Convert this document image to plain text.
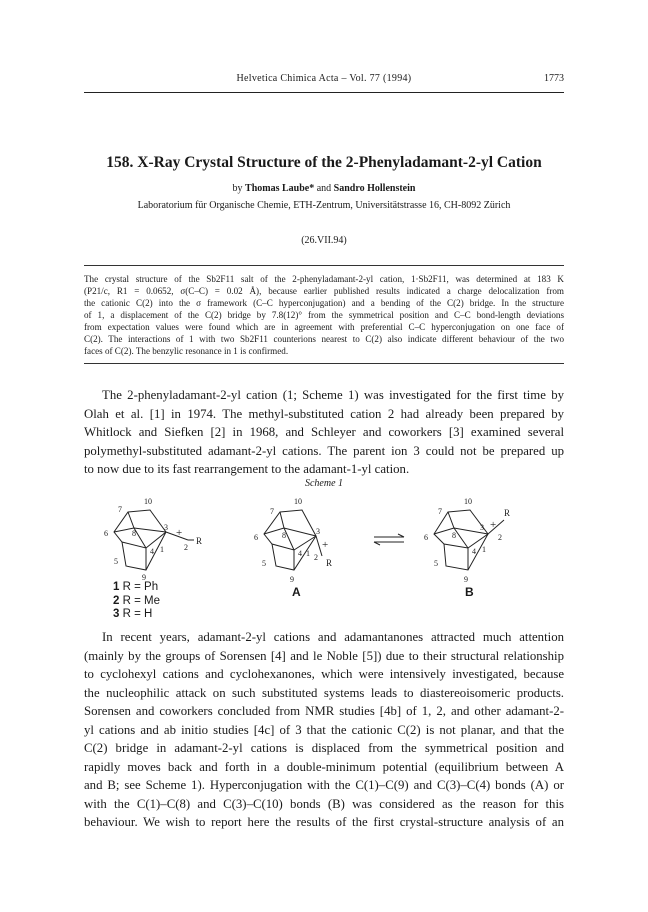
Helvetica Chimica Acta – Vol. 77 (1994)	1773
158. X-Ray Crystal Structure of the 2-Phenyladamant-2-yl Cation
by Thomas Laube* and Sandro Hollenstein
Laboratorium für Organische Chemie, ETH-Zentrum, Universitätstrasse 16, CH-8092 Zürich
(26.VII.94)
The crystal structure of the Sb2F11 salt of the 2-phenyladamant-2-yl cation, 1·Sb2F11, was determined at 183 K
(P21/c, R1 = 0.0652, σ(C–C) = 0.02 Å), because earlier published results indicated a charge delocalization from
the cationic C(2) into the σ framework (C–C hyperconjugation) and a bending of the C(2) bridge. In the structure
of 1, a displacement of the C(2) bridge by 7.8(12)° from the symmetrical position and C–C bond-length deviations
from expectation values were found which are in agreement with preferential C–C hyperconjugation on one face of
C(2). The interactions of 1 with two Sb2F11 counterions nearest to C(2) also indicate different behaviour of the two
faces of C(2). The benzylic resonance in 1 is confirmed.
The 2-phenyladamant-2-yl cation (1; Scheme 1) was investigated for the first time by
Olah et al. [1] in 1974. The methyl-substituted cation 2 had already been prepared by
Whitlock and Siefken [2] in 1968, and Schleyer and coworkers [3] examined several
polymethyl-substituted adamant-2-yl cations. The parent ion 3 could not be prepared up
to now due to its fast rearrangement to the adamant-1-yl cation.
Scheme 1
10
7
3
8
6
4 1	2
5
9
+
R
10
7
3
8
6
4 1 2
5
9
+
R
10
7
3
8
6
4 1
2
5
9
+
R
1 R = Ph
2 R = Me
3 R = H
A	B
In recent years, adamant-2-yl cations and adamantanones attracted much attention
(mainly by the groups of Sorensen [4] and le Noble [5]) due to their structural relationship
to cyclohexyl cations and cyclohexanones, which were intensively investigated, because
the nucleophilic attack on such substituted systems leads to diastereoisomeric products.
Sorensen and coworkers concluded from NMR studies [4b] of 1, 2, and other adamant-2-
yl cations and ab initio studies [4c] of 3 that the cationic C(2) is not planar, and that the
C(2) bridge in adamant-2-yl cations is displaced from the symmetrical position and
rapidly moves back and forth in a double-minimum potential (equilibrium between A
and B; see Scheme 1). Hyperconjugation with the C(1)–C(9) and C(3)–C(4) bonds (A) or
with the C(1)–C(8) and C(3)–C(10) bonds (B) was considered as the reason for this
behaviour. We wish to report here the results of the first crystal-structure analysis of an
